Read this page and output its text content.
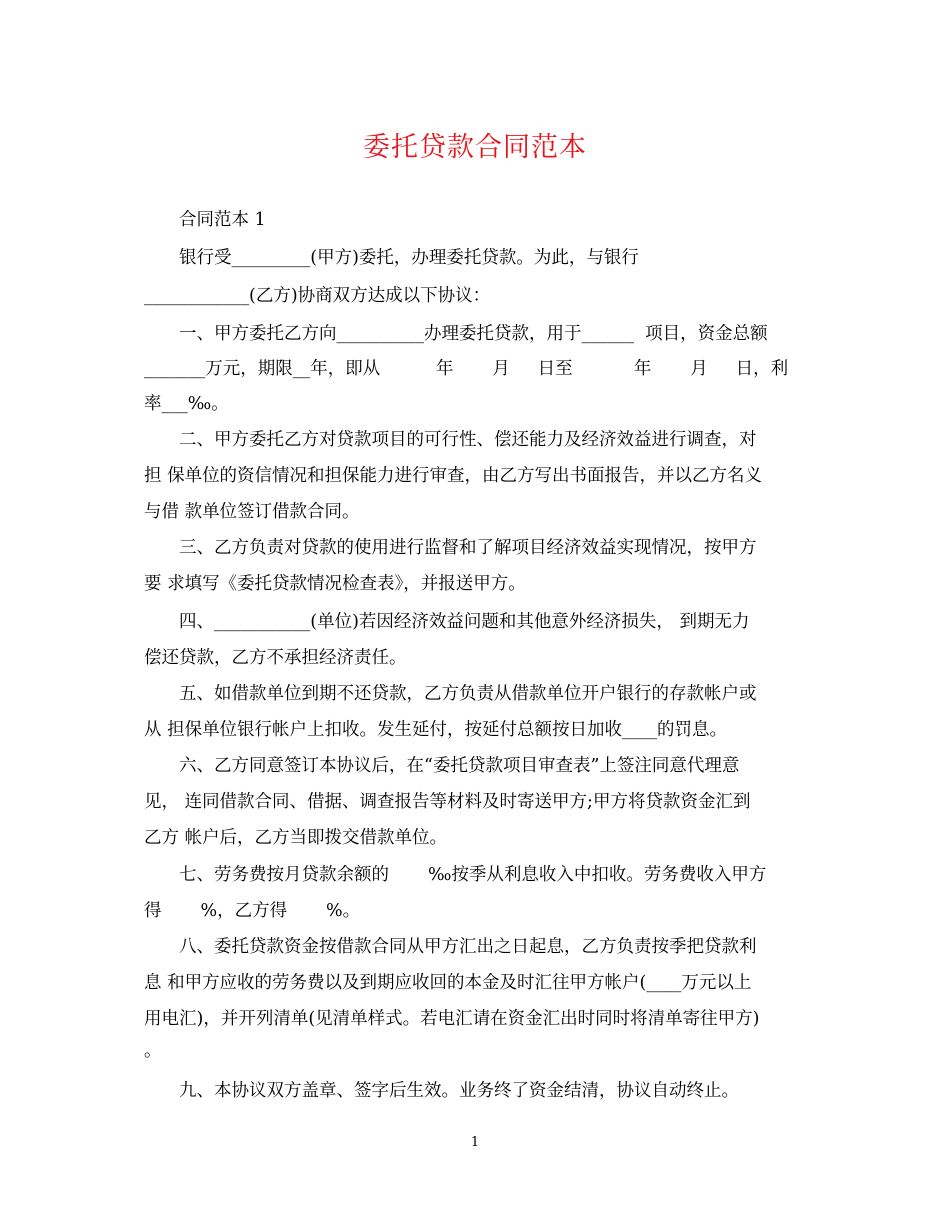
委托贷款合同范本
合同范本 1
银行受_________(甲方)委托，办理委托贷款。为此，与银行
____________(乙方)协商双方达成以下协议：
一、甲方委托乙方向__________办理委托贷款，用于______  项目，资金总额
_______万元，期限__年，即从          年       月     日至           年       月     日，利
率___‰。
二、甲方委托乙方对贷款项目的可行性、偿还能力及经济效益进行调查，对
担 保单位的资信情况和担保能力进行审查，由乙方写出书面报告，并以乙方名义
与借 款单位签订借款合同。
三、乙方负责对贷款的使用进行监督和了解项目经济效益实现情况，按甲方
要 求填写《委托贷款情况检查表》，并报送甲方。
四、___________(单位)若因经济效益问题和其他意外经济损失， 到期无力
偿还贷款，乙方不承担经济责任。
五、如借款单位到期不还贷款，乙方负责从借款单位开户银行的存款帐户或
从 担保单位银行帐户上扣收。发生延付，按延付总额按日加收____的罚息。
六、乙方同意签订本协议后，在“委托贷款项目审查表”上签注同意代理意
见， 连同借款合同、借据、调查报告等材料及时寄送甲方;甲方将贷款资金汇到
乙方 帐户后，乙方当即拨交借款单位。
七、劳务费按月贷款余额的       ‰按季从利息收入中扣收。劳务费收入甲方
得       %，乙方得       %。
八、委托贷款资金按借款合同从甲方汇出之日起息，乙方负责按季把贷款利
息 和甲方应收的劳务费以及到期应收回的本金及时汇往甲方帐户(____万元以上
用电汇)，并开列清单(见清单样式。若电汇请在资金汇出时同时将清单寄往甲方)
。
九、本协议双方盖章、签字后生效。业务终了资金结清，协议自动终止。
1
